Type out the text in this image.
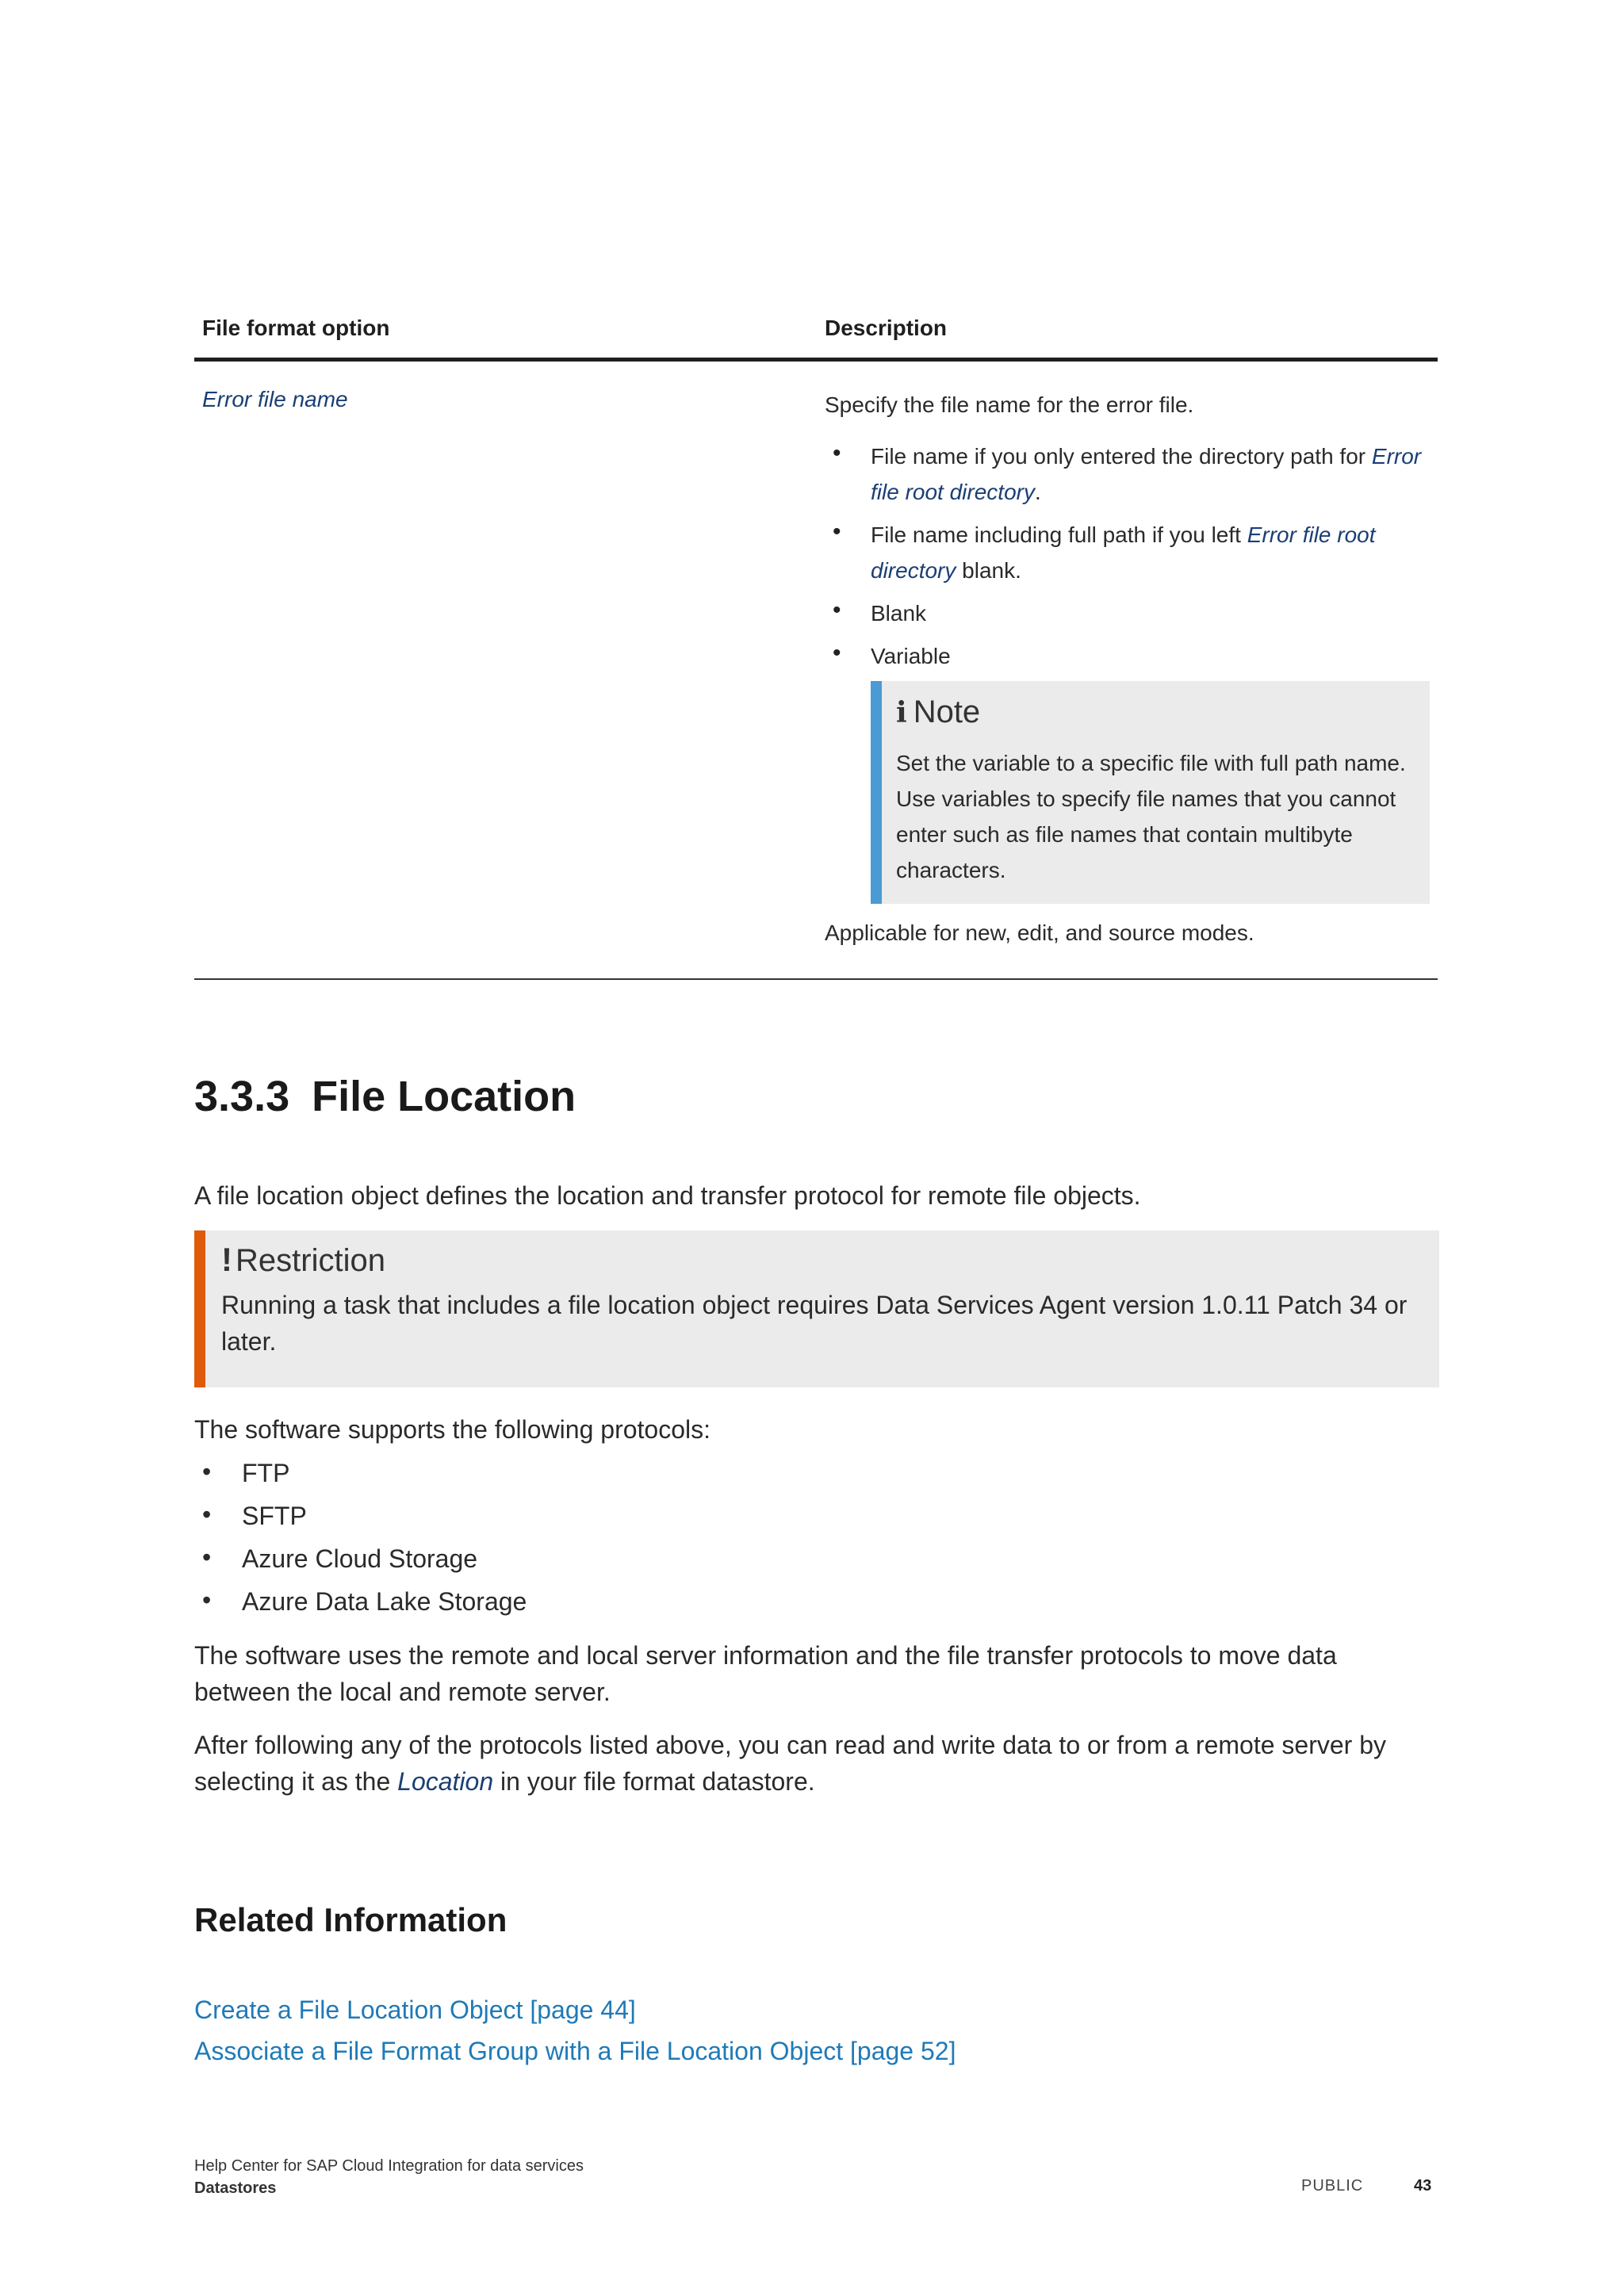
File format option	Description
Error file name	Specify the file name for the error file.
• File name if you only entered the directory path for Error file root directory.
• File name including full path if you left Error file root directory blank.
• Blank
• Variable
i Note
Set the variable to a specific file with full path name. Use variables to specify file names that you cannot enter such as file names that contain multibyte characters.
Applicable for new, edit, and source modes.
3.3.3 File Location
A file location object defines the location and transfer protocol for remote file objects.
! Restriction
Running a task that includes a file location object requires Data Services Agent version 1.0.11 Patch 34 or later.
The software supports the following protocols:
• FTP
• SFTP
• Azure Cloud Storage
• Azure Data Lake Storage
The software uses the remote and local server information and the file transfer protocols to move data between the local and remote server.
After following any of the protocols listed above, you can read and write data to or from a remote server by selecting it as the Location in your file format datastore.
Related Information
Create a File Location Object [page 44]
Associate a File Format Group with a File Location Object [page 52]
Help Center for SAP Cloud Integration for data services
Datastores	PUBLIC	43
